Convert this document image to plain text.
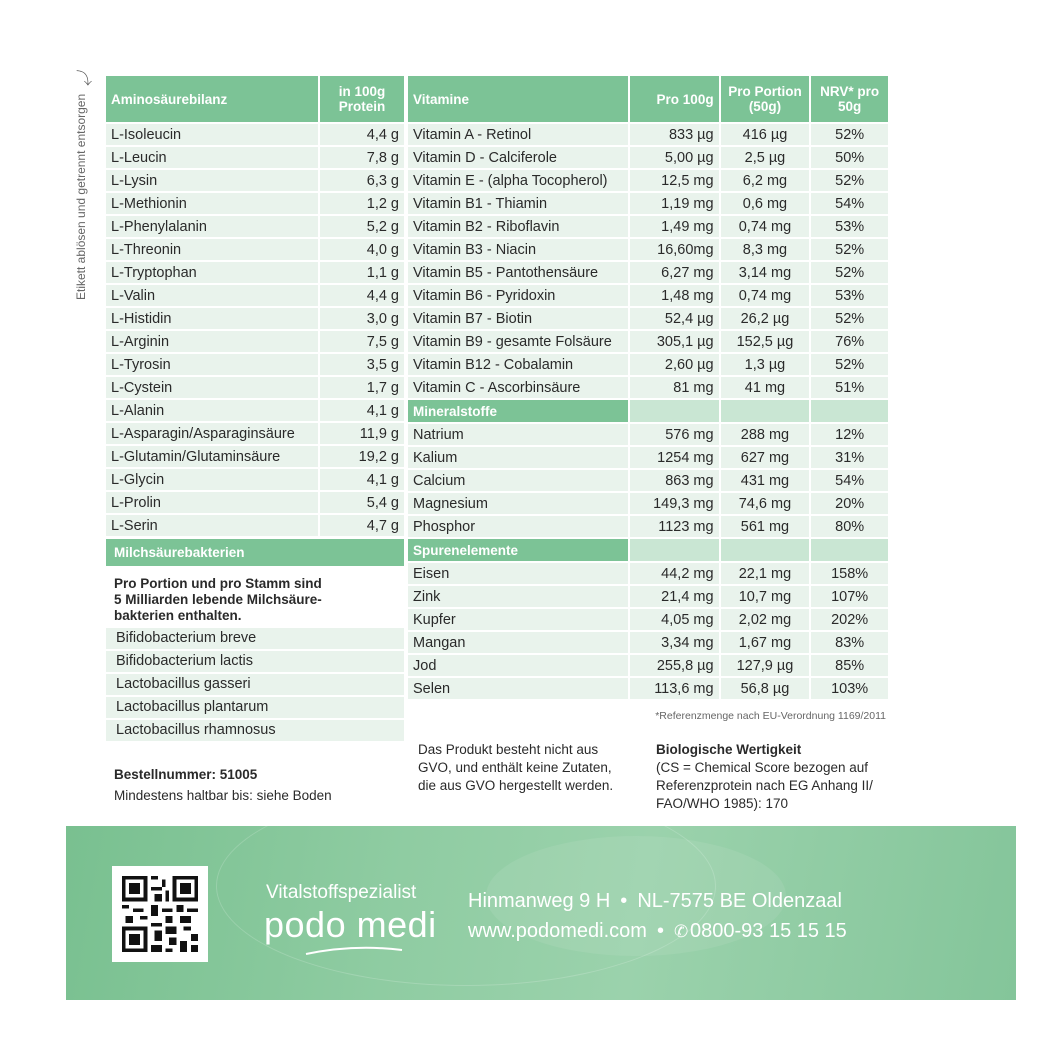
⤵
Etikett ablösen und getrennt entsorgen Aminosäurebilanz	in 100g Protein
L-Isoleucin	4,4 g
L-Leucin	7,8 g
L-Lysin	6,3 g
L-Methionin	1,2 g
L-Phenylalanin	5,2 g
L-Threonin	4,0 g
L-Tryptophan	1,1 g
L-Valin	4,4 g
L-Histidin	3,0 g
L-Arginin	7,5 g
L-Tyrosin	3,5 g
L-Cystein	1,7 g
L-Alanin	4,1 g
L-Asparagin/Asparaginsäure	11,9 g
L-Glutamin/Glutaminsäure	19,2 g
L-Glycin	4,1 g
L-Prolin	5,4 g
L-Serin	4,7 g
Milchsäurebakterien
Pro Portion und pro Stamm sind
5 Milliarden lebende Milchsäure-
bakterien enthalten.
Bifidobacterium breve
Bifidobacterium lactis
Lactobacillus gasseri
Lactobacillus plantarum
Lactobacillus rhamnosus
Bestellnummer: 51005
Mindestens haltbar bis: siehe Boden
Vitamine	Pro 100g	Pro Portion (50g)	NRV* pro 50g
Vitamin A - Retinol	833 µg	416 µg	52%
Vitamin D - Calciferole	5,00 µg	2,5 µg	50%
Vitamin E - (alpha Tocopherol)	12,5 mg	6,2 mg	52%
Vitamin B1 - Thiamin	1,19 mg	0,6 mg	54%
Vitamin B2 - Riboflavin	1,49 mg	0,74 mg	53%
Vitamin B3 - Niacin	16,60mg	8,3 mg	52%
Vitamin B5 - Pantothensäure	6,27 mg	3,14 mg	52%
Vitamin B6 - Pyridoxin	1,48 mg	0,74 mg	53%
Vitamin B7 - Biotin	52,4 µg	26,2 µg	52%
Vitamin B9 - gesamte Folsäure	305,1 µg	152,5 µg	76%
Vitamin B12 - Cobalamin	2,60 µg	1,3 µg	52%
Vitamin C - Ascorbinsäure	81 mg	41 mg	51%
Mineralstoffe			
Natrium	576 mg	288 mg	12%
Kalium	1254 mg	627 mg	31%
Calcium	863 mg	431 mg	54%
Magnesium	149,3 mg	74,6 mg	20%
Phosphor	1123 mg	561 mg	80%
Spurenelemente			
Eisen	44,2 mg	22,1 mg	158%
Zink	21,4 mg	10,7 mg	107%
Kupfer	4,05 mg	2,02 mg	202%
Mangan	3,34 mg	1,67 mg	83%
Jod	255,8 µg	127,9 µg	85%
Selen	113,6 mg	56,8 µg	103%
*Referenzmenge nach EU-Verordnung 1169/2011
Das Produkt besteht nicht aus
GVO, und enthält keine Zutaten,
die aus GVO hergestellt werden.
Biologische Wertigkeit
(CS = Chemical Score bezogen auf
Referenzprotein nach EG Anhang II/
FAO/WHO 1985): 170
Vitalstoffspezialist
podo medi
Hinmanweg 9 H • NL-7575 BE Oldenzaal
www.podomedi.com • ✆0800-93 15 15 15
